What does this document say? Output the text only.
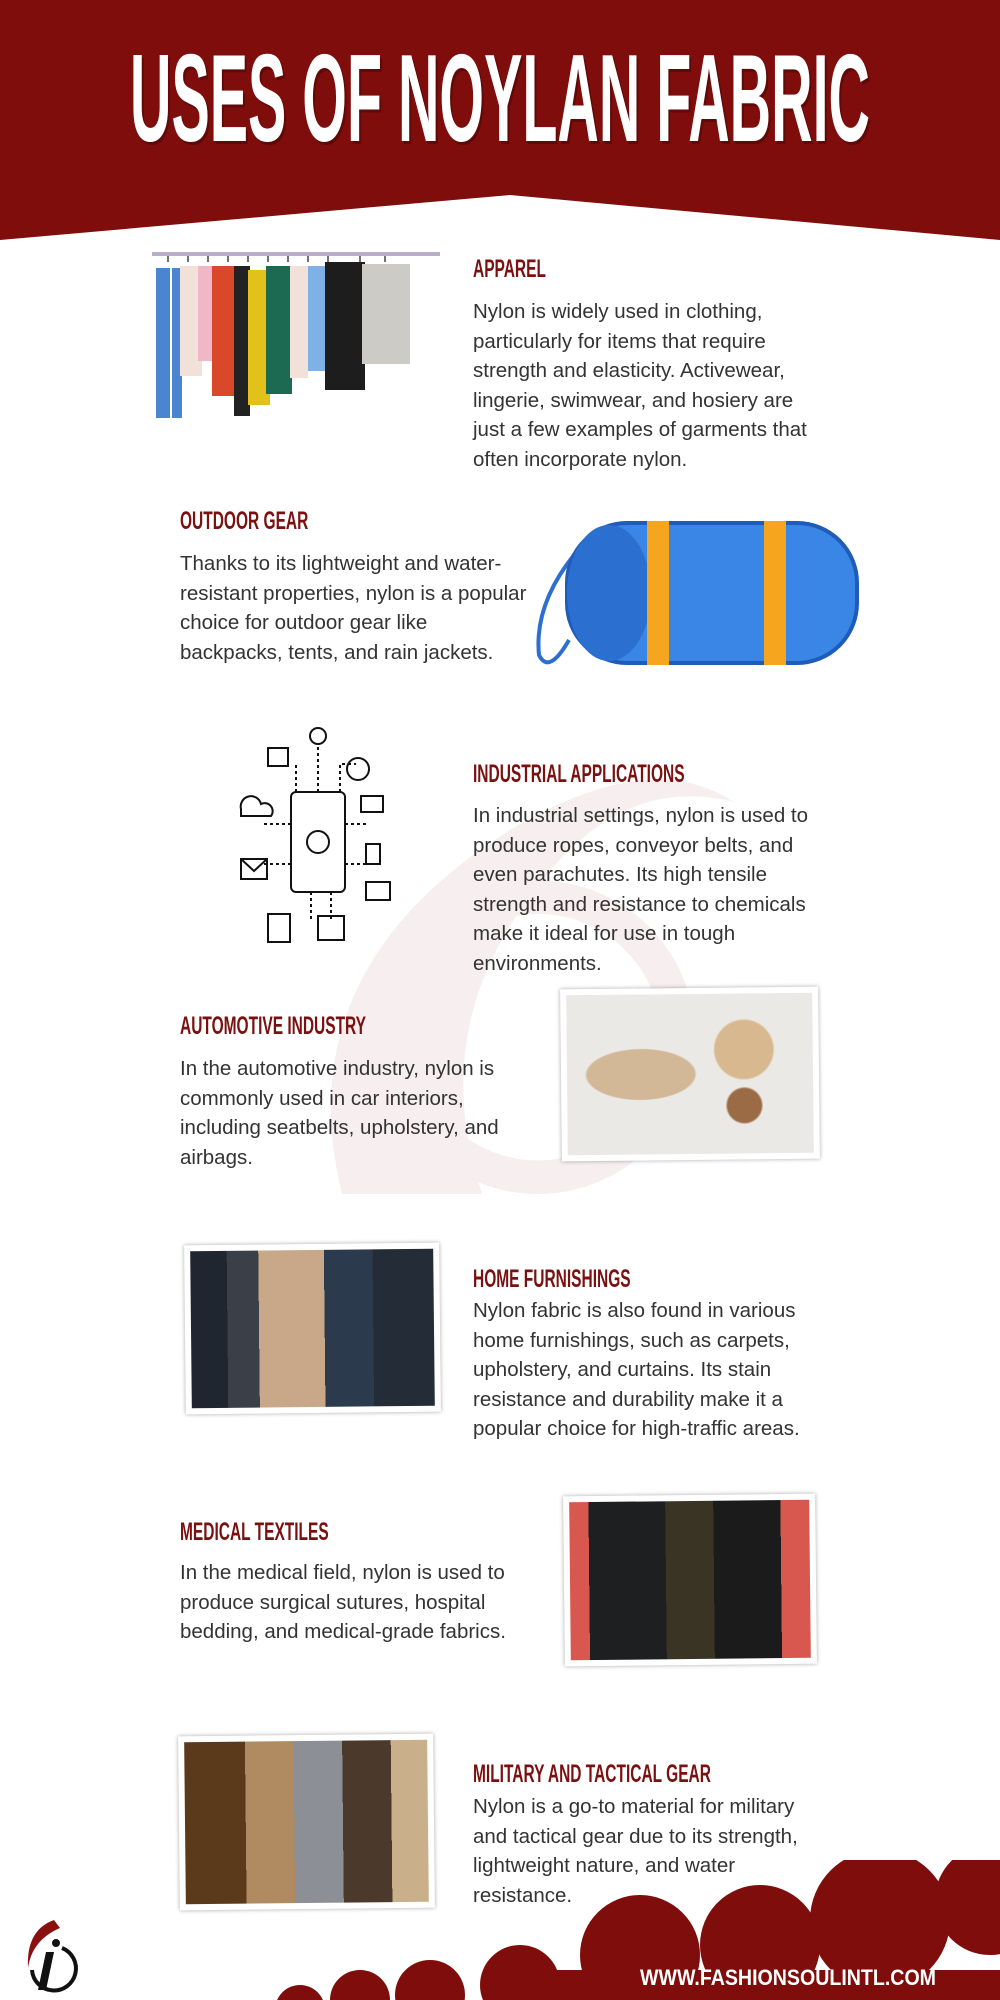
USES OF NOYLAN FABRIC
USES OF NOYLAN FABRIC
APPAREL

Nylon is widely used in clothing, particularly for items that require strength and elasticity. Activewear, lingerie, swimwear, and hosiery are just a few examples of garments that often incorporate nylon.

OUTDOOR GEAR

Thanks to its lightweight and water-resistant properties, nylon is a popular choice for outdoor gear like backpacks, tents, and rain jackets.

INDUSTRIAL APPLICATIONS

In industrial settings, nylon is used to produce ropes, conveyor belts, and even parachutes. Its high tensile strength and resistance to chemicals make it ideal for use in tough environments.

AUTOMOTIVE INDUSTRY

In the automotive industry, nylon is commonly used in car interiors, including seatbelts, upholstery, and airbags.

HOME FURNISHINGS

Nylon fabric is also found in various home furnishings, such as carpets, upholstery, and curtains. Its stain resistance and durability make it a popular choice for high-traffic areas.

MEDICAL TEXTILES

In the medical field, nylon is used to produce surgical sutures, hospital bedding, and medical-grade fabrics.

MILITARY AND TACTICAL GEAR

Nylon is a go-to material for military and tactical gear due to its strength, lightweight nature, and water resistance.

WWW.FASHIONSOULINTL.COM
